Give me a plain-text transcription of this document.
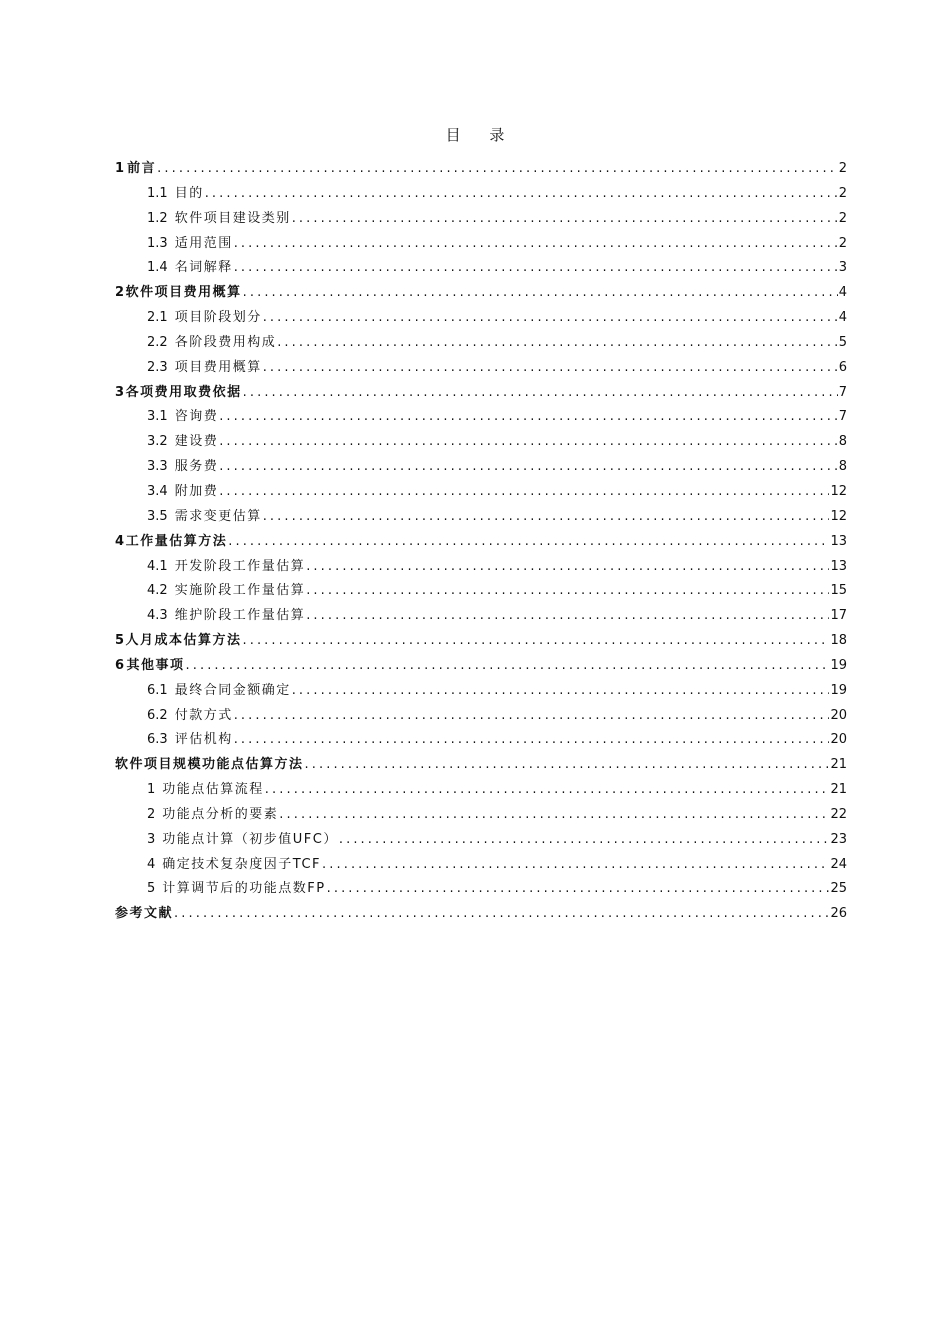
目 录
1 前言 .....	2
1.1 目的 .....	2
1.2 软件项目建设类别 .....	2
1.3 适用范围 .....	2
1.4 名词解释 .....	3
2 软件项目费用概算 .....	4
2.1 项目阶段划分 .....	4
2.2 各阶段费用构成 .....	5
2.3 项目费用概算 .....	6
3 各项费用取费依据 .....	7
3.1 咨询费 .....	7
3.2 建设费 .....	8
3.3 服务费 .....	8
3.4 附加费 .....	12
3.5 需求变更估算 .....	12
4 工作量估算方法 .....	13
4.1 开发阶段工作量估算 .....	13
4.2 实施阶段工作量估算 .....	15
4.3 维护阶段工作量估算 .....	17
5 人月成本估算方法 .....	18
6 其他事项 .....	19
6.1 最终合同金额确定 .....	19
6.2 付款方式 .....	20
6.3 评估机构 .....	20
软件项目规模功能点估算方法 .....	21
1 功能点估算流程 .....	21
2 功能点分析的要素 .....	22
3 功能点计算（初步值UFC） .....	23
4 确定技术复杂度因子TCF .....	24
5 计算调节后的功能点数FP .....	25
参考文献 .....	26
